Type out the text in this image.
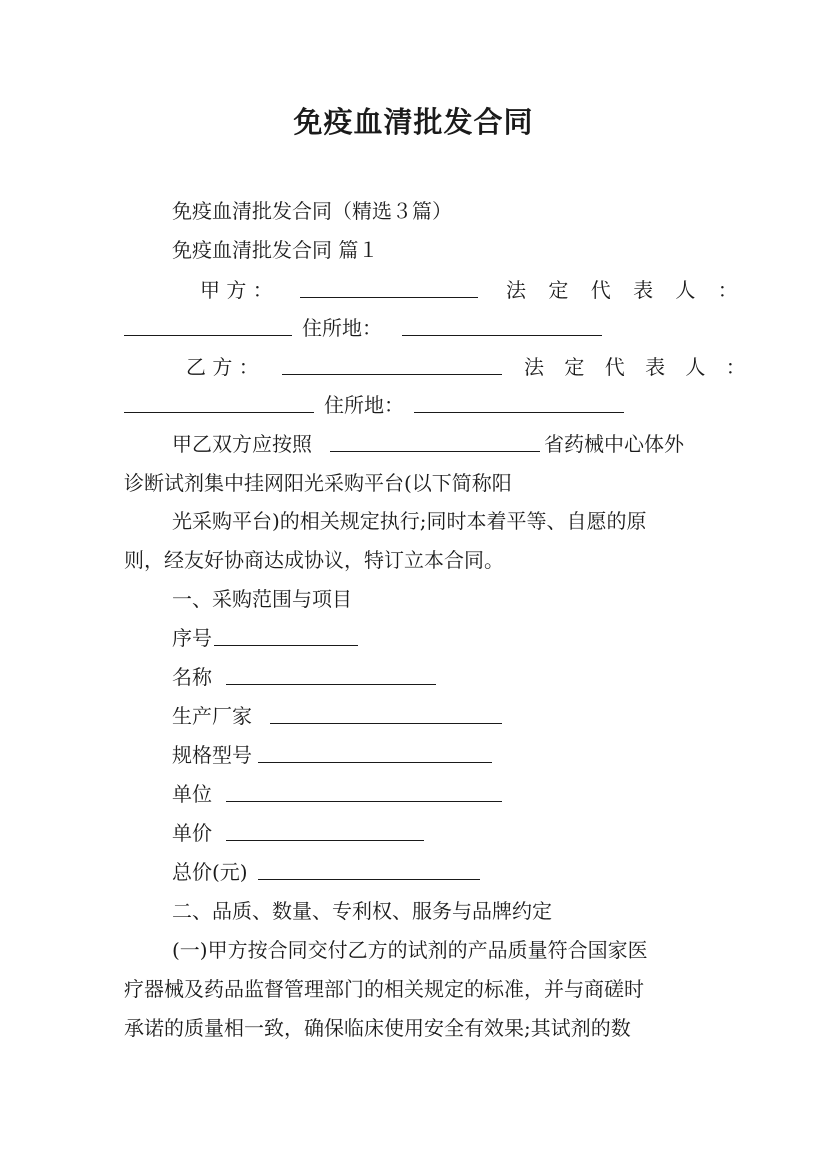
免疫血清批发合同
免疫血清批发合同（精选３篇）
免疫血清批发合同 篇１
甲 方 ：	法 定 代 表 人 ：
住所地：
乙 方 ：	法 定 代 表 人 ：
住所地：
甲乙双方应按照	省药械中心体外
诊断试剂集中挂网阳光采购平台(以下简称阳
光采购平台)的相关规定执行;同时本着平等、自愿的原
则，经友好协商达成协议，特订立本合同。
一、采购范围与项目
序号
名称
生产厂家
规格型号
单位
单价
总价(元)
二、品质、数量、专利权、服务与品牌约定
(一)甲方按合同交付乙方的试剂的产品质量符合国家医
疗器械及药品监督管理部门的相关规定的标准，并与商磋时
承诺的质量相一致，确保临床使用安全有效果;其试剂的数
